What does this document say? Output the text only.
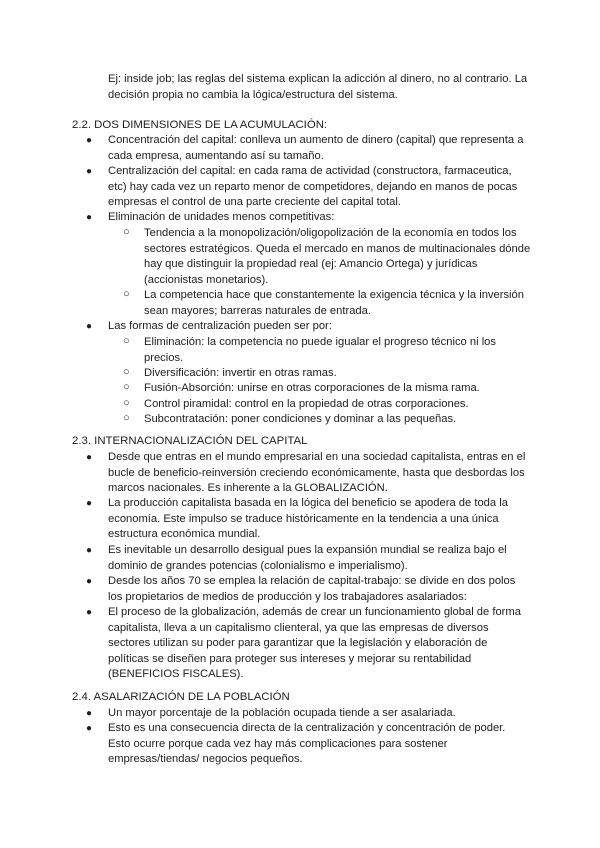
Ej: inside job; las reglas del sistema explican la adicción al dinero, no al contrario. La
decisión propia no cambia la lógica/estructura del sistema.
2.2. DOS DIMENSIONES DE LA ACUMULACIÓN:
● Concentración del capital: conlleva un aumento de dinero (capital) que representa a
cada empresa, aumentando así su tamaño.
● Centralización del capital: en cada rama de actividad (constructora, farmaceutica,
etc) hay cada vez un reparto menor de competidores, dejando en manos de pocas
empresas el control de una parte creciente del capital total.
● Eliminación de unidades menos competitivas:
○ Tendencia a la monopolización/oligopolización de la economía en todos los
sectores estratégicos. Queda el mercado en manos de multinacionales dónde
hay que distinguir la propiedad real (ej: Amancio Ortega) y jurídicas
(accionistas monetarios).
○ La competencia hace que constantemente la exigencia técnica y la inversión
sean mayores; barreras naturales de entrada.
● Las formas de centralización pueden ser por:
○ Eliminación: la competencia no puede igualar el progreso técnico ni los
precios.
○ Diversificación: invertir en otras ramas.
○ Fusión-Absorción: unirse en otras corporaciones de la misma rama.
○ Control piramidal: control en la propiedad de otras corporaciones.
○ Subcontratación: poner condiciones y dominar a las pequeñas.
2.3. INTERNACIONALIZACIÓN DEL CAPITAL
● Desde que entras en el mundo empresarial en una sociedad capitalista, entras en el
bucle de beneficio-reinversión creciendo económicamente, hasta que desbordas los
marcos nacionales. Es inherente a la GLOBALIZACIÓN.
● La producción capitalista basada en la lógica del beneficio se apodera de toda la
economía. Este impulso se traduce históricamente en la tendencia a una única
estructura económica mundial.
● Es inevitable un desarrollo desigual pues la expansión mundial se realiza bajo el
dominio de grandes potencias (colonialismo e imperialismo).
● Desde los años 70 se emplea la relación de capital-trabajo: se divide en dos polos
los propietarios de medios de producción y los trabajadores asalariados:
● El proceso de la globalización, además de crear un funcionamiento global de forma
capitalista, lleva a un capitalismo clienteral, ya que las empresas de diversos
sectores utilizan su poder para garantizar que la legislación y elaboración de
políticas se diseñen para proteger sus intereses y mejorar su rentabilidad
(BENEFICIOS FISCALES).
2.4. ASALARIZACIÓN DE LA POBLACIÓN
● Un mayor porcentaje de la población ocupada tiende a ser asalariada.
● Esto es una consecuencia directa de la centralización y concentración de poder.
Esto ocurre porque cada vez hay más complicaciones para sostener
empresas/tiendas/ negocios pequeños.
